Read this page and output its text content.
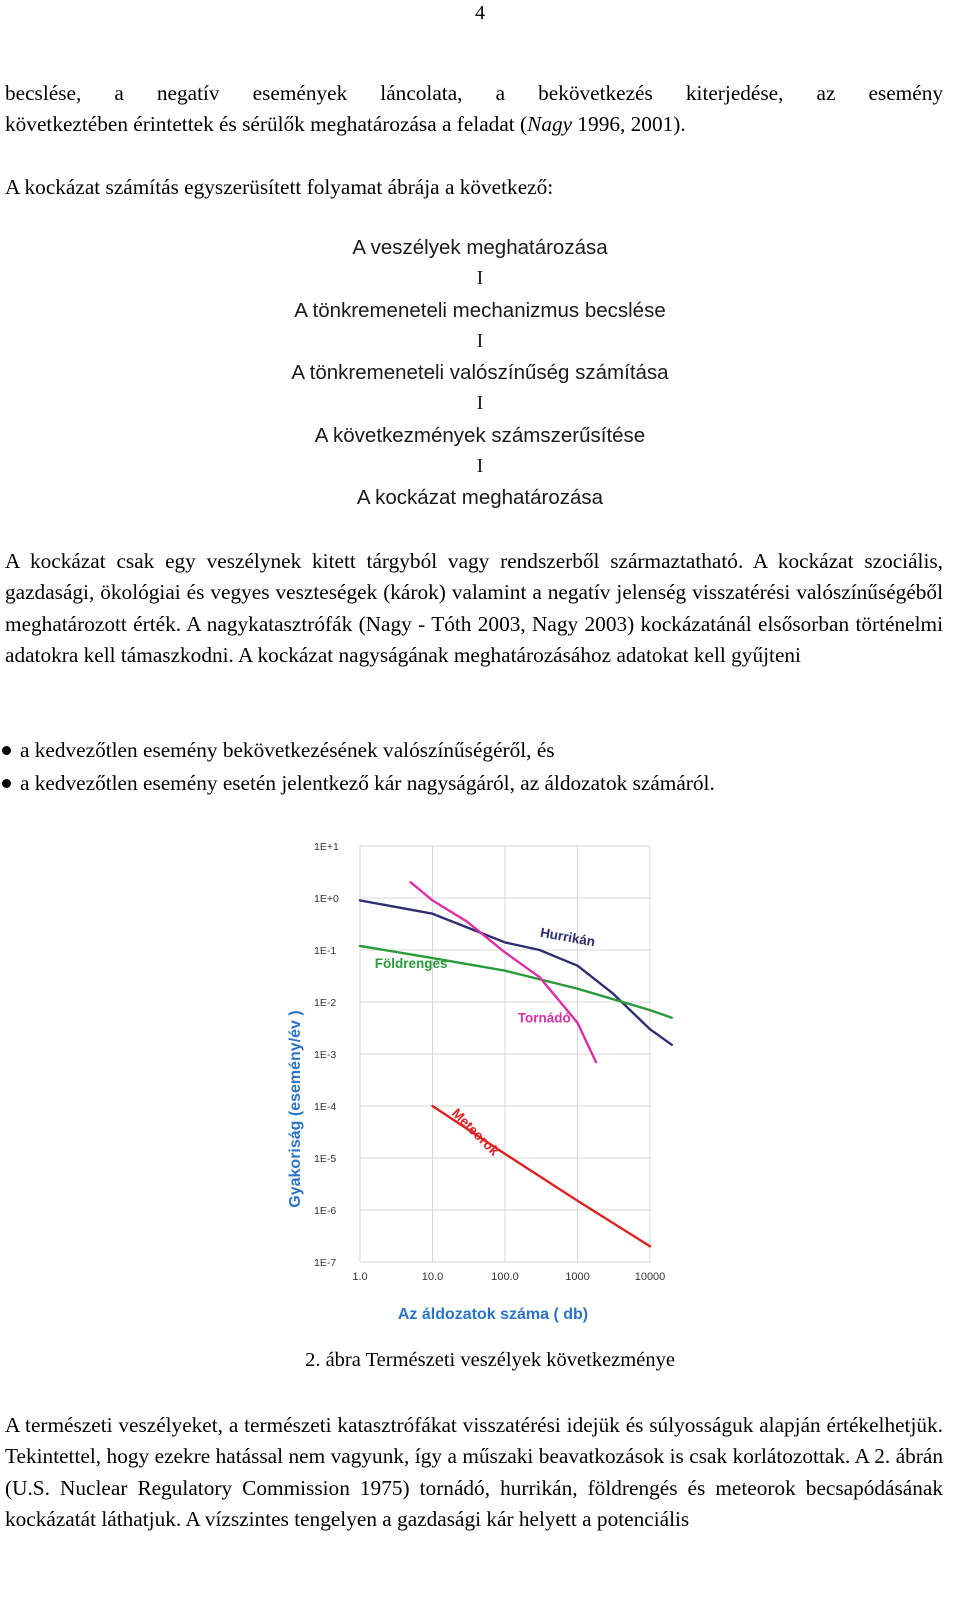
4

becslése, a negatív események láncolata, a bekövetkezés kiterjedése, az esemény
következtében érintettek és sérülők meghatározása a feladat (Nagy 1996, 2001).

A kockázat számítás egyszerüsített folyamat ábrája a következő:

A veszélyek meghatározása
I
A tönkremeneteli mechanizmus becslése
I
A tönkremeneteli valószínűség számítása
I
A következmények számszerűsítése
I
A kockázat meghatározása

A kockázat csak egy veszélynek kitett tárgyból vagy rendszerből származtatható. A kockázat szociális, gazdasági, ökológiai és vegyes veszteségek (károk) valamint a negatív jelenség visszatérési valószínűségéből meghatározott érték. A nagykatasztrófák (Nagy - Tóth 2003, Nagy 2003) kockázatánál elsősorban történelmi adatokra kell támaszkodni. A kockázat nagyságának meghatározásához adatokat kell gyűjteni

a kedvezőtlen esemény bekövetkezésének valószínűségéről, és
a kedvezőtlen esemény esetén jelentkező kár nagyságáról, az áldozatok számáról.
1E+1
1E+0
1E-1
1E-2
1E-3
1E-4
1E-5
1E-6
1E-7
1.0	10.0	100.0	1000	10000
Az áldozatok száma ( db)
Gyakoriság (esemény/év )
Hurrikán
Földrengés
Tornádó
Meteorok
2. ábra Természeti veszélyek következménye

A természeti veszélyeket, a természeti katasztrófákat visszatérési idejük és súlyosságuk alapján értékelhetjük. Tekintettel, hogy ezekre hatással nem vagyunk, így a műszaki beavatkozások is csak korlátozottak. A 2. ábrán (U.S. Nuclear Regulatory Commission 1975) tornádó, hurrikán, földrengés és meteorok becsapódásának kockázatát láthatjuk. A vízszintes tengelyen a gazdasági kár helyett a potenciális
